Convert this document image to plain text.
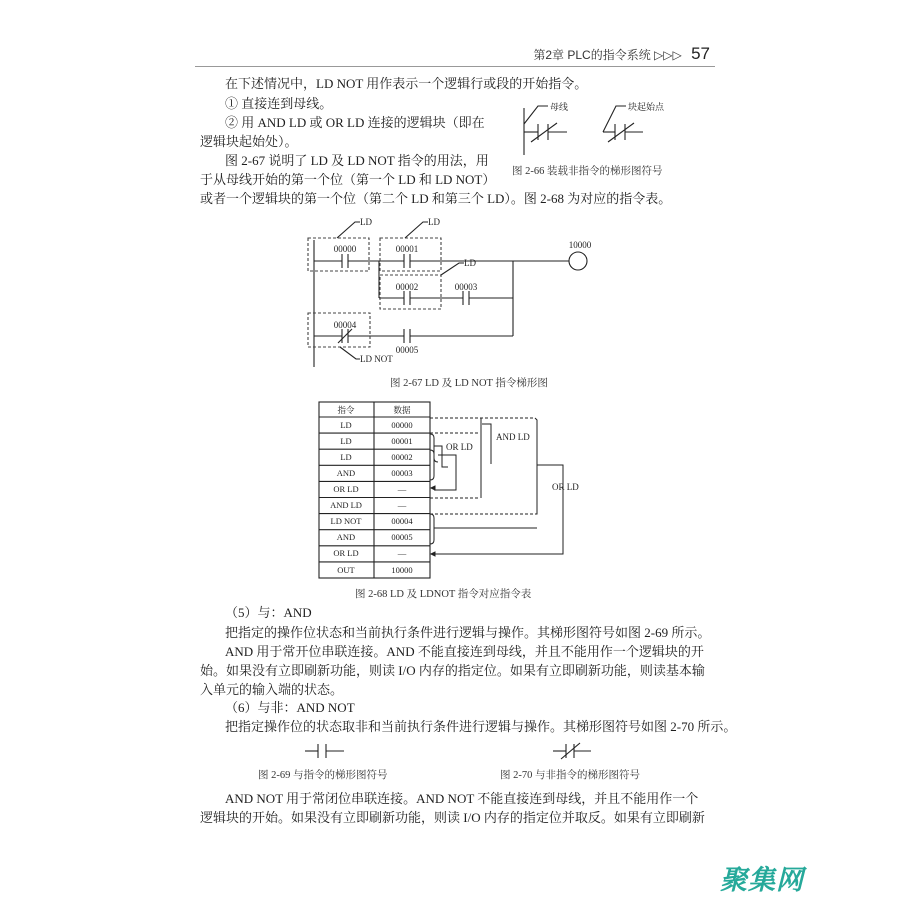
第2章 PLC的指令系统 ▷▷▷ 57
在下述情况中，LD NOT 用作表示一个逻辑行或段的开始指令。
① 直接连到母线。
② 用 AND LD 或 OR LD 连接的逻辑块（即在
逻辑块起始处）。
图 2-67 说明了 LD 及 LD NOT 指令的用法，用
于从母线开始的第一个位（第一个 LD 和 LD NOT）
或者一个逻辑块的第一个位（第二个 LD 和第三个 LD）。图 2-68 为对应的指令表。
图 2-66 装载非指令的梯形图符号
图 2-67 LD 及 LD NOT 指令梯形图
图 2-68 LD 及 LDNOT 指令对应指令表
（5）与：AND
把指定的操作位状态和当前执行条件进行逻辑与操作。其梯形图符号如图 2-69 所示。
AND 用于常开位串联连接。AND 不能直接连到母线，并且不能用作一个逻辑块的开
始。如果没有立即刷新功能，则读 I/O 内存的指定位。如果有立即刷新功能，则读基本输
入单元的输入端的状态。
（6）与非：AND NOT
把指定操作位的状态取非和当前执行条件进行逻辑与操作。其梯形图符号如图 2-70 所示。
图 2-69 与指令的梯形图符号	图 2-70 与非指令的梯形图符号
AND NOT 用于常闭位串联连接。AND NOT 不能直接连到母线，并且不能用作一个
逻辑块的开始。如果没有立即刷新功能，则读 I/O 内存的指定位并取反。如果有立即刷新
母线	块起始点
00000	00001
00002	00003
00004
00005
10000
LD	LD
LD
LD NOT
指令	数据
LD	00000
LD	00001
LD	00002
AND	00003
OR LD	—
AND LD	—
LD NOT	00004
AND	00005
OR LD	—
OUT	10000
OR LD
AND LD
OR LD
聚集网
